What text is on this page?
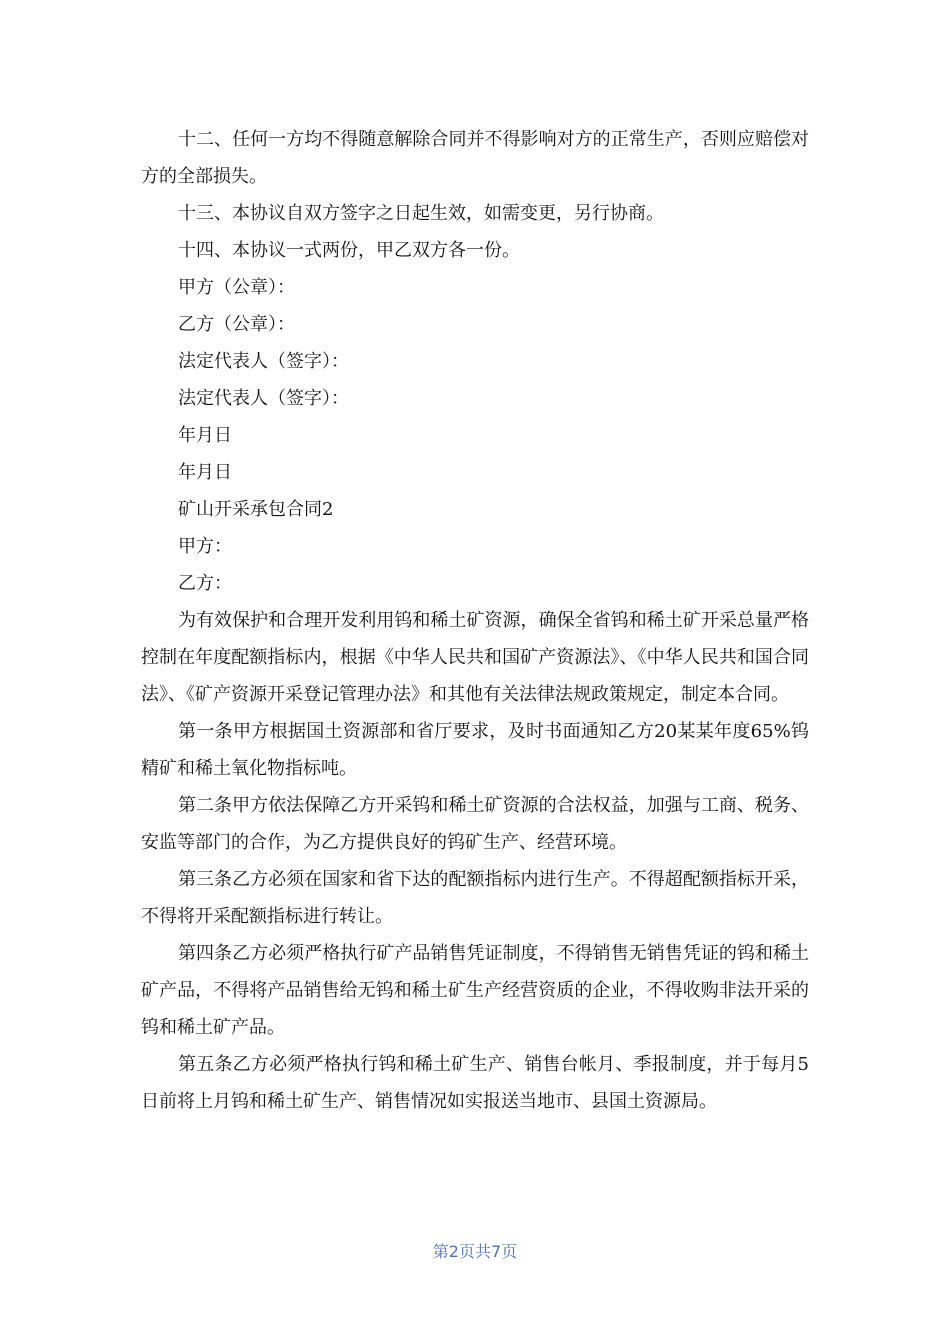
十二、任何一方均不得随意解除合同并不得影响对方的正常生产，否则应赔偿对方的全部损失。

十三、本协议自双方签字之日起生效，如需变更，另行协商。

十四、本协议一式两份，甲乙双方各一份。

甲方（公章）：

乙方（公章）：

法定代表人（签字）：

法定代表人（签字）：

年月日

年月日

矿山开采承包合同2

甲方：

乙方：

为有效保护和合理开发利用钨和稀土矿资源，确保全省钨和稀土矿开采总量严格控制在年度配额指标内，根据《中华人民共和国矿产资源法》、《中华人民共和国合同法》、《矿产资源开采登记管理办法》和其他有关法律法规政策规定，制定本合同。

第一条甲方根据国土资源部和省厅要求，及时书面通知乙方20某某年度65%钨精矿和稀土氧化物指标吨。

第二条甲方依法保障乙方开采钨和稀土矿资源的合法权益，加强与工商、税务、安监等部门的合作，为乙方提供良好的钨矿生产、经营环境。

第三条乙方必须在国家和省下达的配额指标内进行生产。不得超配额指标开采，不得将开采配额指标进行转让。

第四条乙方必须严格执行矿产品销售凭证制度，不得销售无销售凭证的钨和稀土矿产品，不得将产品销售给无钨和稀土矿生产经营资质的企业，不得收购非法开采的钨和稀土矿产品。

第五条乙方必须严格执行钨和稀土矿生产、销售台帐月、季报制度，并于每月5日前将上月钨和稀土矿生产、销售情况如实报送当地市、县国土资源局。

第2页共7页
